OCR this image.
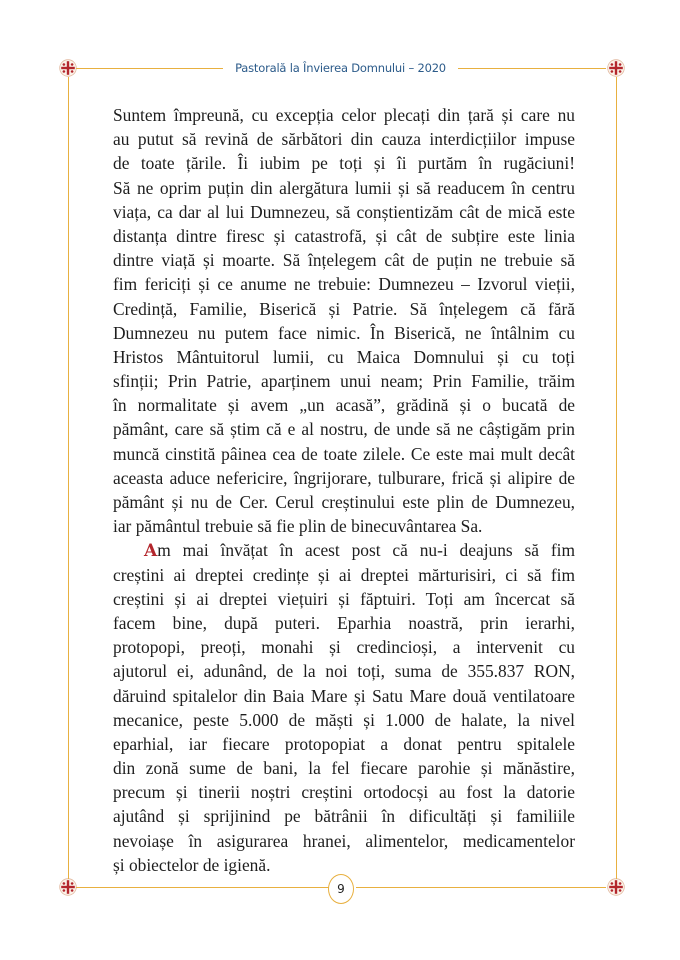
Pastorală la Învierea Domnului – 2020
Suntem împreună, cu excepția celor plecați din țară și care nu
au putut să revină de sărbători din cauza interdicțiilor impuse
de toate țările. Îi iubim pe toți și îi purtăm în rugăciuni!
Să ne oprim puțin din alergătura lumii și să readucem în centru
viața, ca dar al lui Dumnezeu, să conștientizăm cât de mică este
distanța dintre firesc și catastrofă, și cât de subțire este linia
dintre viață și moarte. Să înțelegem cât de puțin ne trebuie să
fim fericiți și ce anume ne trebuie: Dumnezeu – Izvorul vieții,
Credință, Familie, Biserică și Patrie. Să înțelegem că fără
Dumnezeu nu putem face nimic. În Biserică, ne întâlnim cu
Hristos Mântuitorul lumii, cu Maica Domnului și cu toți
sfinții; Prin Patrie, aparținem unui neam; Prin Familie, trăim
în normalitate și avem „un acasă”, grădină și o bucată de
pământ, care să știm că e al nostru, de unde să ne câștigăm prin
muncă cinstită pâinea cea de toate zilele. Ce este mai mult decât
aceasta aduce nefericire, îngrijorare, tulburare, frică și alipire de
pământ și nu de Cer. Cerul creștinului este plin de Dumnezeu,
iar pământul trebuie să fie plin de binecuvântarea Sa.
Am mai învățat în acest post că nu-i deajuns să fim
creștini ai dreptei credințe și ai dreptei mărturisiri, ci să fim
creștini și ai dreptei viețuiri și făptuiri. Toți am încercat să
facem bine, după puteri. Eparhia noastră, prin ierarhi,
protopopi, preoți, monahi și credincioși, a intervenit cu
ajutorul ei, adunând, de la noi toți, suma de 355.837 RON,
dăruind spitalelor din Baia Mare și Satu Mare două ventilatoare
mecanice, peste 5.000 de măști și 1.000 de halate, la nivel
eparhial, iar fiecare protopopiat a donat pentru spitalele
din zonă sume de bani, la fel fiecare parohie și mănăstire,
precum și tinerii noștri creștini ortodocși au fost la datorie
ajutând și sprijinind pe bătrânii în dificultăți și familiile
nevoiașe în asigurarea hranei, alimentelor, medicamentelor
și obiectelor de igienă.
9
